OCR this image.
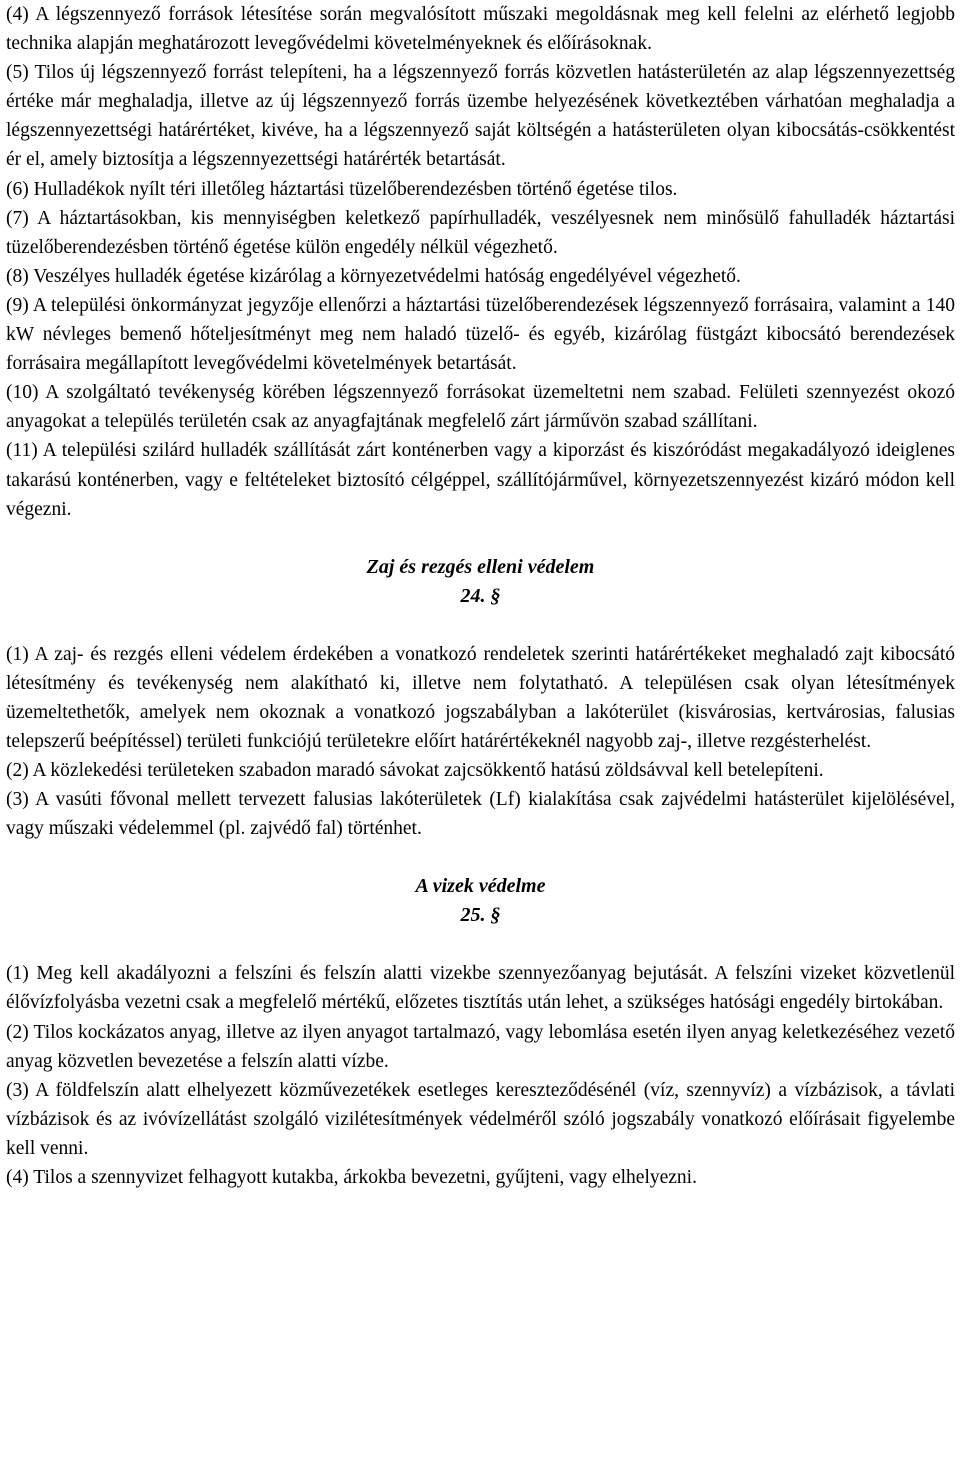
(4) A légszennyező források létesítése során megvalósított műszaki megoldásnak meg kell felelni az elérhető legjobb technika alapján meghatározott levegővédelmi követelményeknek és előírásoknak.

(5) Tilos új légszennyező forrást telepíteni, ha a légszennyező forrás közvetlen hatásterületén az alap légszennyezettség értéke már meghaladja, illetve az új légszennyező forrás üzembe helyezésének következtében várhatóan meghaladja a légszennyezettségi határértéket, kivéve, ha a légszennyező saját költségén a hatásterületen olyan kibocsátás-csökkentést ér el, amely biztosítja a légszennyezettségi határérték betartását.

(6) Hulladékok nyílt téri illetőleg háztartási tüzelőberendezésben történő égetése tilos.

(7) A háztartásokban, kis mennyiségben keletkező papírhulladék, veszélyesnek nem minősülő fahulladék háztartási tüzelőberendezésben történő égetése külön engedély nélkül végezhető.

(8) Veszélyes hulladék égetése kizárólag a környezetvédelmi hatóság engedélyével végezhető.

(9) A települési önkormányzat jegyzője ellenőrzi a háztartási tüzelőberendezések légszennyező forrásaira, valamint a 140 kW névleges bemenő hőteljesítményt meg nem haladó tüzelő- és egyéb, kizárólag füstgázt kibocsátó berendezések forrásaira megállapított levegővédelmi követelmények betartását.

(10) A szolgáltató tevékenység körében légszennyező forrásokat üzemeltetni nem szabad. Felületi szennyezést okozó anyagokat a település területén csak az anyagfajtának megfelelő zárt járművön szabad szállítani.

(11) A települési szilárd hulladék szállítását zárt konténerben vagy a kiporzást és kiszóródást megakadályozó ideiglenes takarású konténerben, vagy e feltételeket biztosító célgéppel, szállítójárművel, környezetszennyezést kizáró módon kell végezni.

Zaj és rezgés elleni védelem

24. §

(1) A zaj- és rezgés elleni védelem érdekében a vonatkozó rendeletek szerinti határértékeket meghaladó zajt kibocsátó létesítmény és tevékenység nem alakítható ki, illetve nem folytatható. A településen csak olyan létesítmények üzemeltethetők, amelyek nem okoznak a vonatkozó jogszabályban a lakóterület (kisvárosias, kertvárosias, falusias telepszerű beépítéssel) területi funkciójú területekre előírt határértékeknél nagyobb zaj-, illetve rezgésterhelést.

(2) A közlekedési területeken szabadon maradó sávokat zajcsökkentő hatású zöldsávval kell betelepíteni.

(3) A vasúti fővonal mellett tervezett falusias lakóterületek (Lf) kialakítása csak zajvédelmi hatásterület kijelölésével, vagy műszaki védelemmel (pl. zajvédő fal) történhet.

A vizek védelme

25. §

(1) Meg kell akadályozni a felszíni és felszín alatti vizekbe szennyezőanyag bejutását. A felszíni vizeket közvetlenül élővízfolyásba vezetni csak a megfelelő mértékű, előzetes tisztítás után lehet, a szükséges hatósági engedély birtokában.

(2) Tilos kockázatos anyag, illetve az ilyen anyagot tartalmazó, vagy lebomlása esetén ilyen anyag keletkezéséhez vezető anyag közvetlen bevezetése a felszín alatti vízbe.

(3) A földfelszín alatt elhelyezett közművezetékek esetleges kereszteződésénél (víz, szennyvíz) a vízbázisok, a távlati vízbázisok és az ivóvízellátást szolgáló vizilétesítmények védelméről szóló jogszabály vonatkozó előírásait figyelembe kell venni.

(4) Tilos a szennyvizet felhagyott kutakba, árkokba bevezetni, gyűjteni, vagy elhelyezni.
